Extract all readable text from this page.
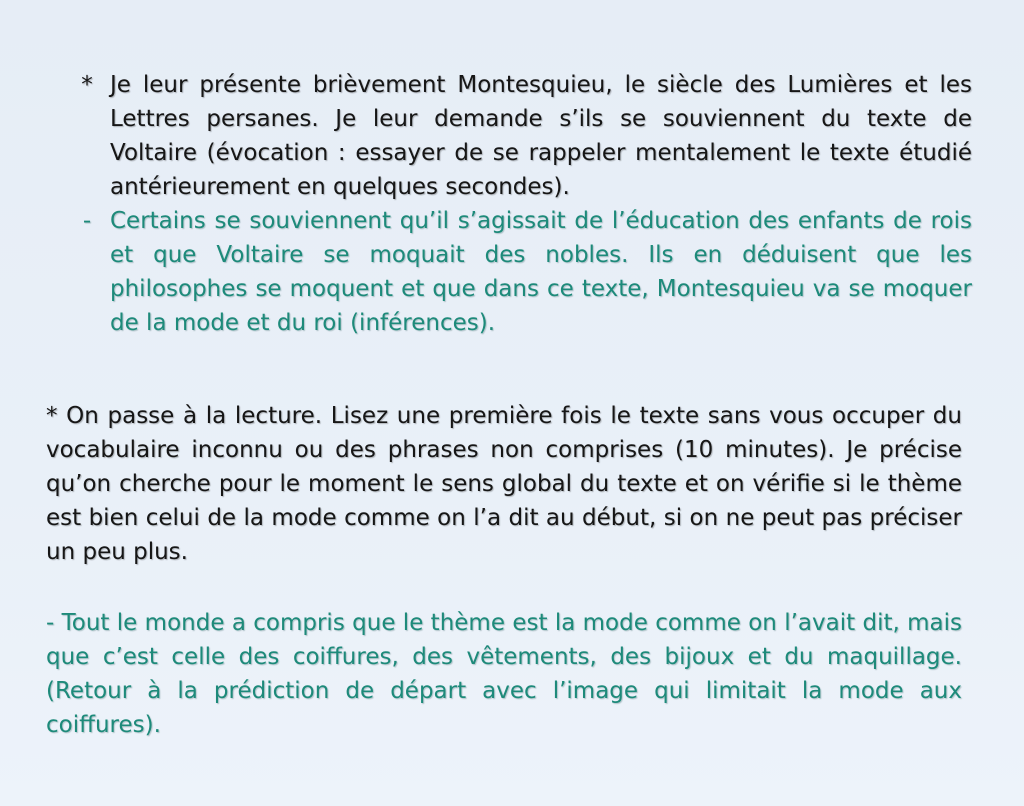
* Je leur présente brièvement Montesquieu, le siècle des Lumières et les Lettres persanes. Je leur demande s’ils se souviennent du texte de Voltaire (évocation : essayer de se rappeler mentalement le texte étudié antérieurement en quelques secondes).
- Certains se souviennent qu’il s’agissait de l’éducation des enfants de rois et que Voltaire se moquait des nobles. Ils en déduisent que les philosophes se moquent et que dans ce texte, Montesquieu va se moquer de la mode et du roi (inférences).
* On passe à la lecture. Lisez une première fois le texte sans vous occuper du vocabulaire inconnu ou des phrases non comprises (10 minutes). Je précise qu’on cherche pour le moment le sens global du texte et on vérifie si le thème est bien celui de la mode comme on l’a dit au début, si on ne peut pas préciser un peu plus.
- Tout le monde a compris que le thème est la mode comme on l’avait dit, mais que c’est celle des coiffures, des vêtements, des bijoux et du maquillage. (Retour à la prédiction de départ avec l’image qui limitait la mode aux coiffures).
